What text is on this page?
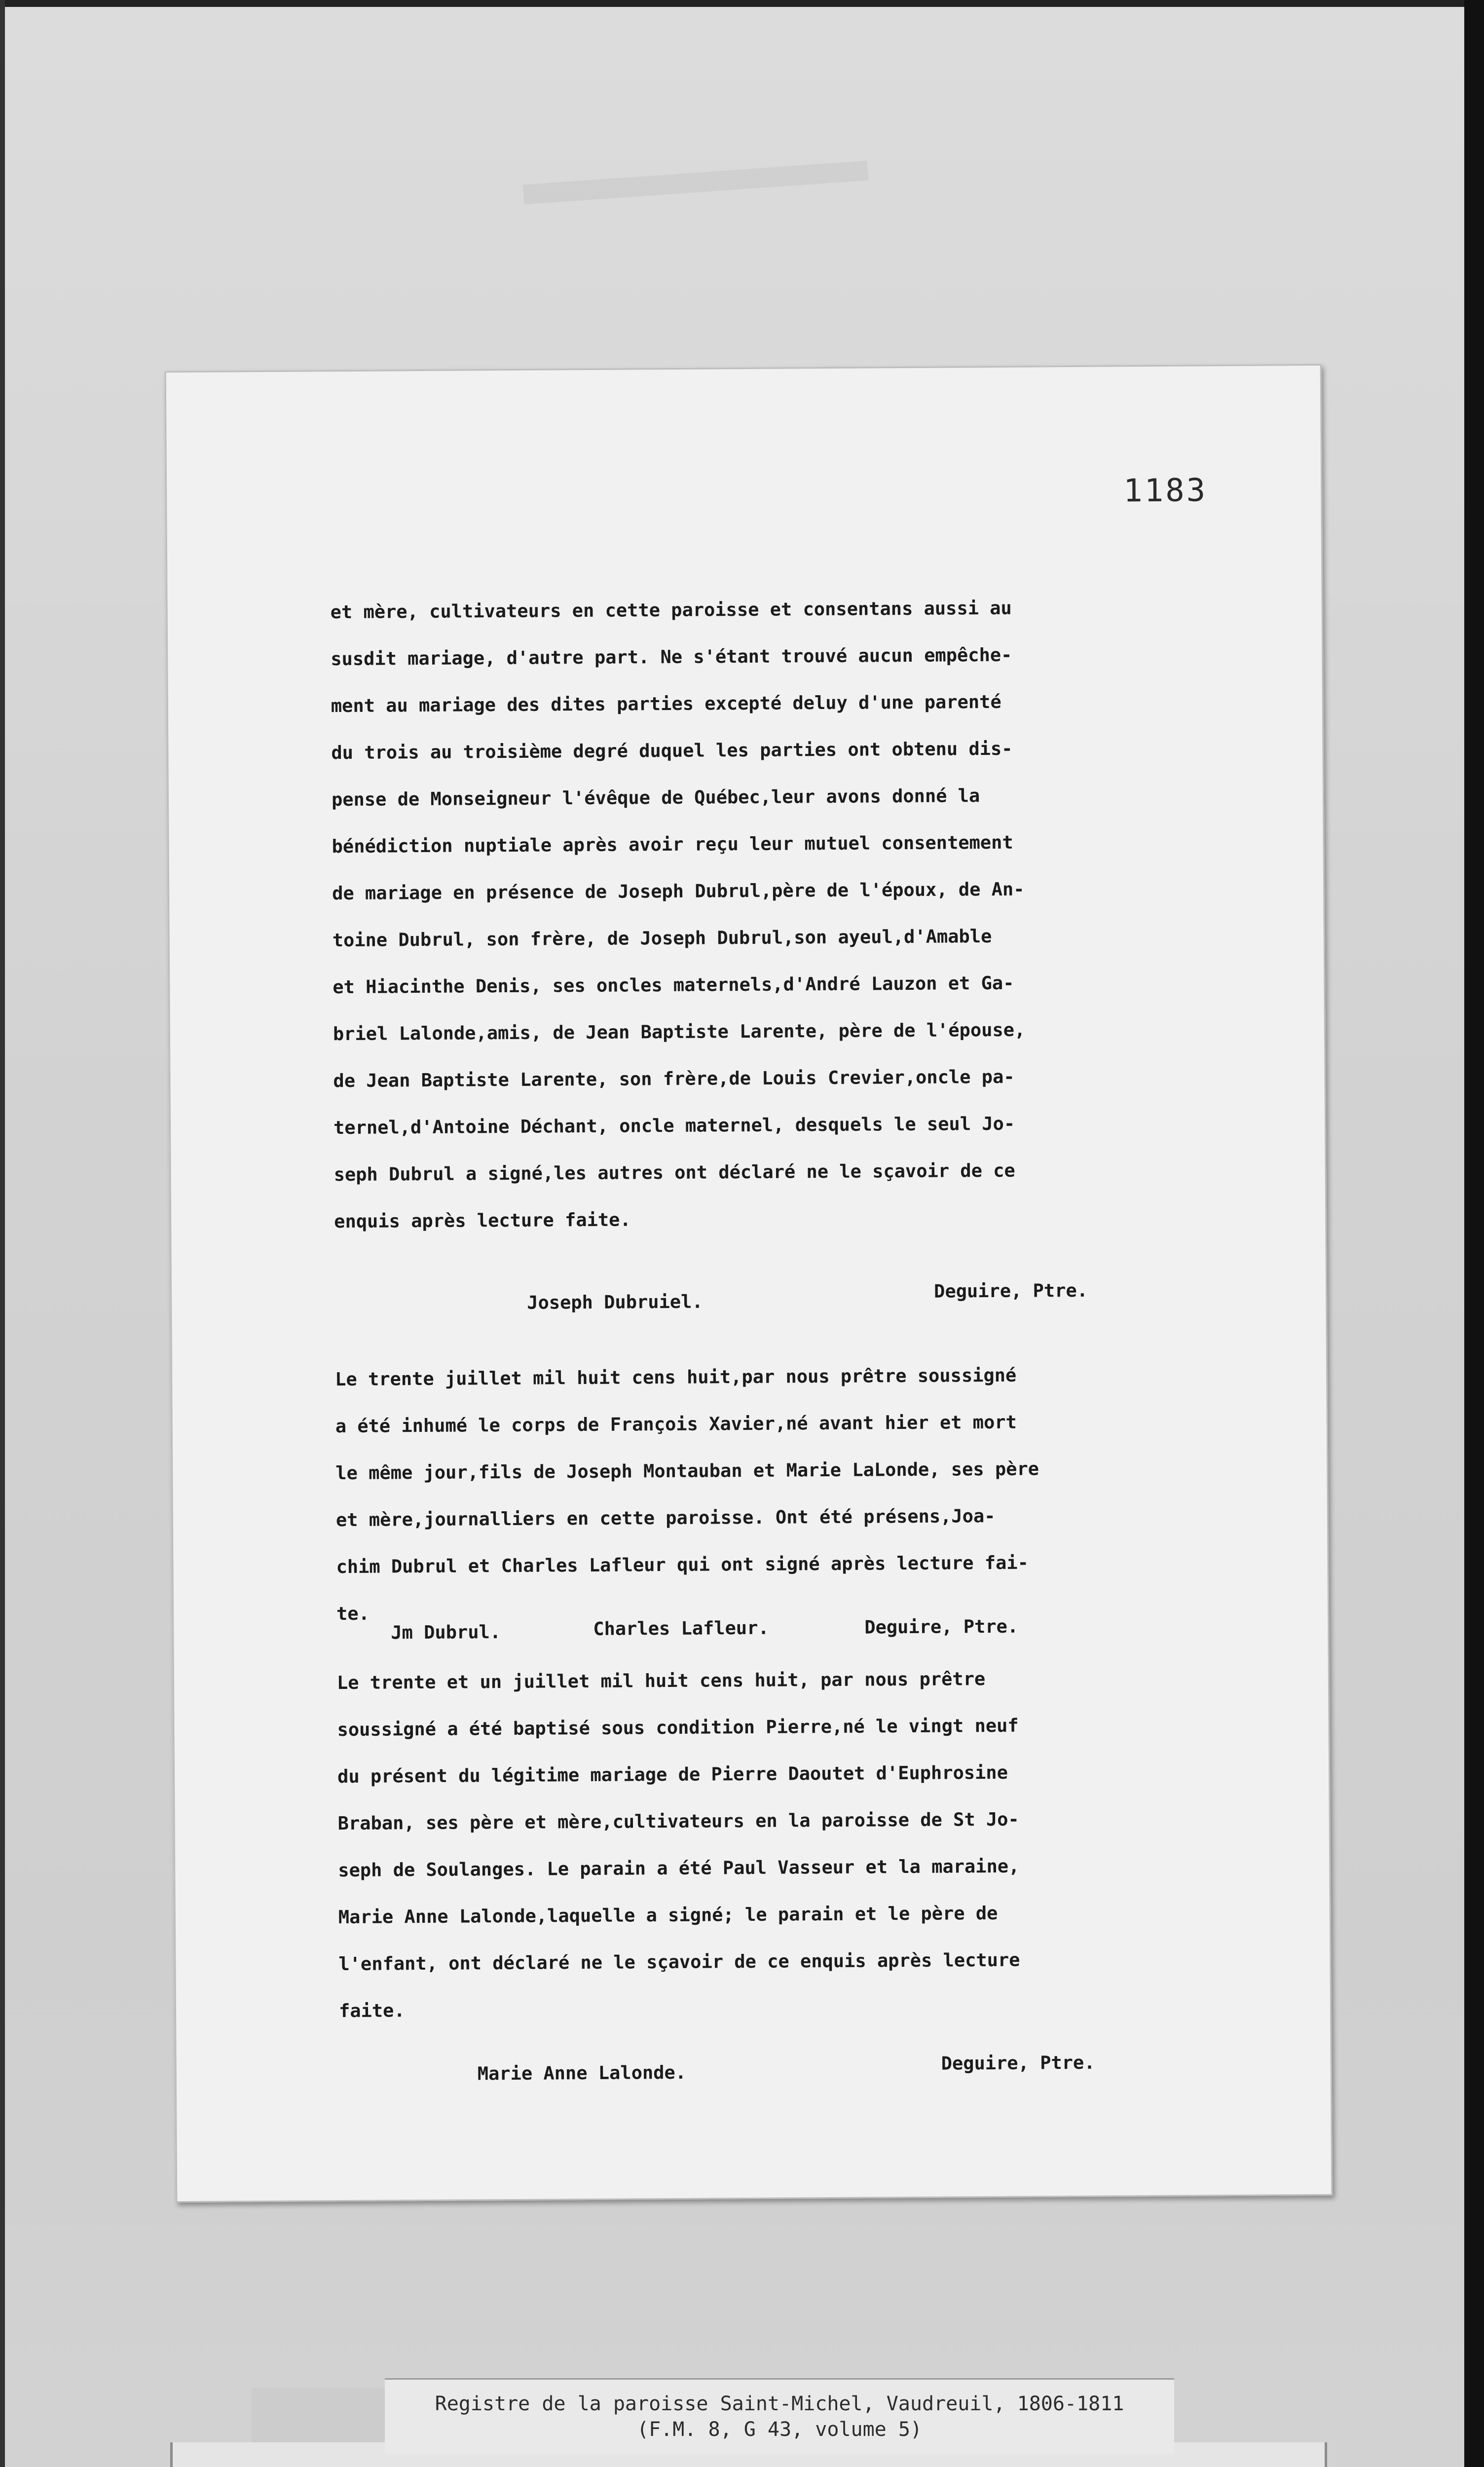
1183

et mère, cultivateurs en cette paroisse et consentans aussi au
susdit mariage, d'autre part. Ne s'étant trouvé aucun empêche-
ment au mariage des dites parties excepté deluy d'une parenté
du trois au troisième degré duquel les parties ont obtenu dis-
pense de Monseigneur l'évêque de Québec,leur avons donné la
bénédiction nuptiale après avoir reçu leur mutuel consentement
de mariage en présence de Joseph Dubrul,père de l'époux, de An-
toine Dubrul, son frère, de Joseph Dubrul,son ayeul,d'Amable
et Hiacinthe Denis, ses oncles maternels,d'André Lauzon et Ga-
briel Lalonde,amis, de Jean Baptiste Larente, père de l'épouse,
de Jean Baptiste Larente, son frère,de Louis Crevier,oncle pa-
ternel,d'Antoine Déchant, oncle maternel, desquels le seul Jo-
seph Dubrul a signé,les autres ont déclaré ne le sçavoir de ce
enquis après lecture faite.

Joseph Dubruiel.
Deguire, Ptre.

Le trente juillet mil huit cens huit,par nous prêtre soussigné
a été inhumé le corps de François Xavier,né avant hier et mort
le même jour,fils de Joseph Montauban et Marie LaLonde, ses père
et mère,journalliers en cette paroisse. Ont été présens,Joa-
chim Dubrul et Charles Lafleur qui ont signé après lecture fai-
te.

Jm Dubrul.	Charles Lafleur.	Deguire, Ptre.

Le trente et un juillet mil huit cens huit, par nous prêtre
soussigné a été baptisé sous condition Pierre,né le vingt neuf
du présent du légitime mariage de Pierre Daoutet d'Euphrosine
Braban, ses père et mère,cultivateurs en la paroisse de St Jo-
seph de Soulanges. Le parain a été Paul Vasseur et la maraine,
Marie Anne Lalonde,laquelle a signé; le parain et le père de
l'enfant, ont déclaré ne le sçavoir de ce enquis après lecture
faite.

Marie Anne Lalonde.	Deguire, Ptre.
Registre de la paroisse Saint-Michel, Vaudreuil, 1806-1811
(F.M. 8, G 43, volume 5)
